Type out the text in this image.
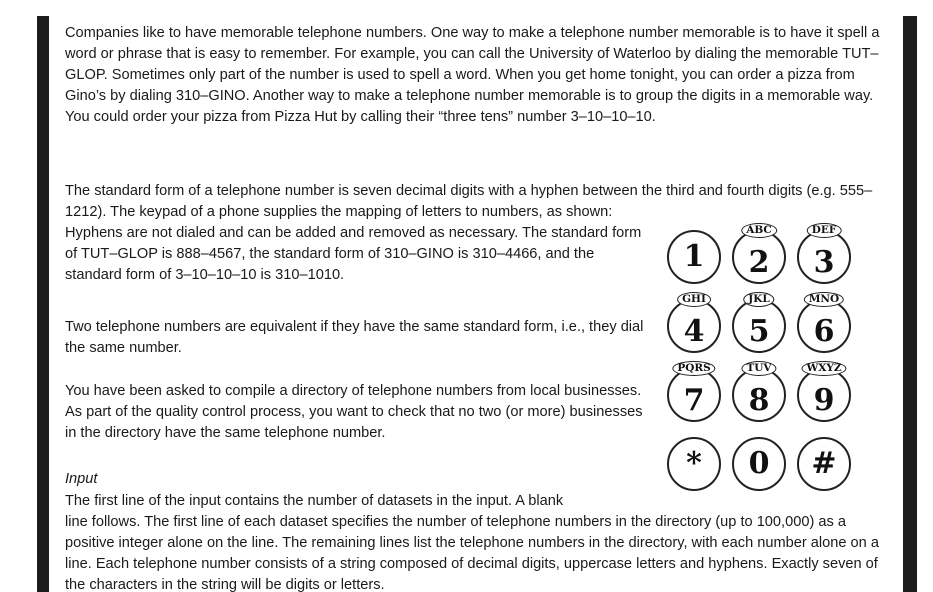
Companies like to have memorable telephone numbers. One way to make a telephone number memorable is to have it spell a word or phrase that is easy to remember. For example, you can call the University of Waterloo by dialing the memorable TUT–GLOP. Sometimes only part of the number is used to spell a word. When you get home tonight, you can order a pizza from Gino’s by dialing 310–GINO. Another way to make a telephone number memorable is to group the digits in a memorable way. You could order your pizza from Pizza Hut by calling their “three tens” number 3–10–10–10.

The standard form of a telephone number is seven decimal digits with a hyphen between the third and fourth digits (e.g. 555–1212). The keypad of a phone supplies the mapping of letters to numbers, as shown:

Hyphens are not dialed and can be added and removed as necessary. The standard form of TUT–GLOP is 888–4567, the standard form of 310–GINO is 310–4466, and the standard form of 3–10–10–10 is 310–1010.

Two telephone numbers are equivalent if they have the same standard form, i.e., they dial the same number.

You have been asked to compile a directory of telephone numbers from local businesses. As part of the quality control process, you want to check that no two (or more) businesses in the directory have the same telephone number.

Input

The first line of the input contains the number of datasets in the input. A blank

line follows. The first line of each dataset specifies the number of telephone numbers in the directory (up to 100,000) as a positive integer alone on the line. The remaining lines list the telephone numbers in the directory, with each number alone on a line. Each telephone number consists of a string composed of decimal digits, uppercase letters and hyphens. Exactly seven of the characters in the string will be digits or letters.

1
ABC
2
DEF
3
GHI
4
JKL
5
MNO
6
PQRS
7
TUV
8
WXYZ
9
*	0	#
